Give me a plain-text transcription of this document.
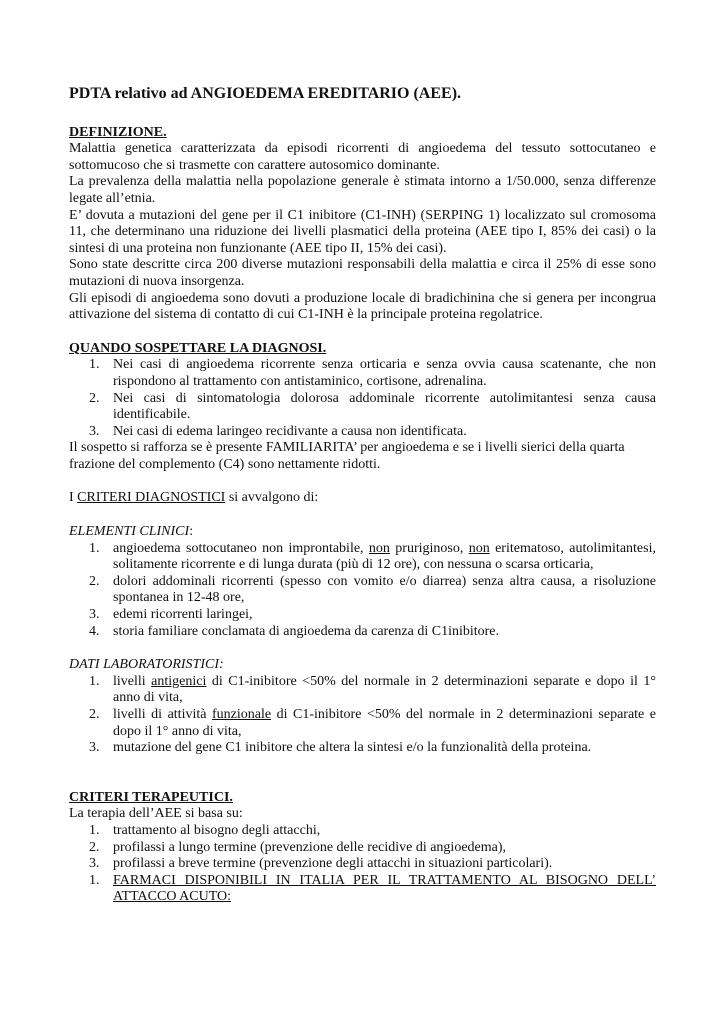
PDTA relativo ad ANGIOEDEMA EREDITARIO (AEE).
DEFINIZIONE.

Malattia genetica caratterizzata da episodi ricorrenti di angioedema del tessuto sottocutaneo e sottomucoso che si trasmette con carattere autosomico dominante.

La prevalenza della malattia nella popolazione generale è stimata intorno a 1/50.000, senza differenze legate all’etnia.

E’ dovuta a mutazioni del gene per il C1 inibitore (C1-INH) (SERPING 1) localizzato sul cromosoma 11, che determinano una riduzione dei livelli plasmatici della proteina (AEE tipo I, 85% dei casi) o la sintesi di una proteina non funzionante (AEE tipo II, 15% dei casi).

Sono state descritte circa 200 diverse mutazioni responsabili della malattia e circa il 25% di esse sono mutazioni di nuova insorgenza.

Gli episodi di angioedema sono dovuti a produzione locale di bradichinina che si genera per incongrua attivazione del sistema di contatto di cui C1-INH è la principale proteina regolatrice.

QUANDO SOSPETTARE LA DIAGNOSI.
1. Nei casi di angioedema ricorrente senza orticaria e senza ovvia causa scatenante, che non rispondono al trattamento con antistaminico, cortisone, adrenalina.
2. Nei casi di sintomatologia dolorosa addominale ricorrente autolimitantesi senza causa identificabile.
3. Nei casi di edema laringeo recidivante a causa non identificata.

Il sospetto si rafforza se è presente FAMILIARITA’ per angioedema e se i livelli sierici della quarta frazione del complemento (C4) sono nettamente ridotti.

I CRITERI DIAGNOSTICI si avvalgono di:

ELEMENTI CLINICI:

1. angioedema sottocutaneo non improntabile, non pruriginoso, non eritematoso, autolimitantesi, solitamente ricorrente e di lunga durata (più di 12 ore), con nessuna o scarsa orticaria,
2. dolori addominali ricorrenti (spesso con vomito e/o diarrea) senza altra causa, a risoluzione spontanea in 12-48 ore,
3. edemi ricorrenti laringei,
4. storia familiare conclamata di angioedema da carenza di C1inibitore.

DATI LABORATORISTICI:

1. livelli antigenici di C1-inibitore <50% del normale in 2 determinazioni separate e dopo il 1° anno di vita,
2. livelli di attività funzionale di C1-inibitore <50% del normale in 2 determinazioni separate e dopo il 1° anno di vita,
3. mutazione del gene C1 inibitore che altera la sintesi e/o la funzionalità della proteina.
CRITERI TERAPEUTICI.

La terapia dell’AEE si basa su:

1. trattamento al bisogno degli attacchi,
2. profilassi a lungo termine (prevenzione delle recidive di angioedema),
3. profilassi a breve termine (prevenzione degli attacchi in situazioni particolari).
1. FARMACI DISPONIBILI IN ITALIA PER IL TRATTAMENTO AL BISOGNO DELL’ ATTACCO ACUTO:
